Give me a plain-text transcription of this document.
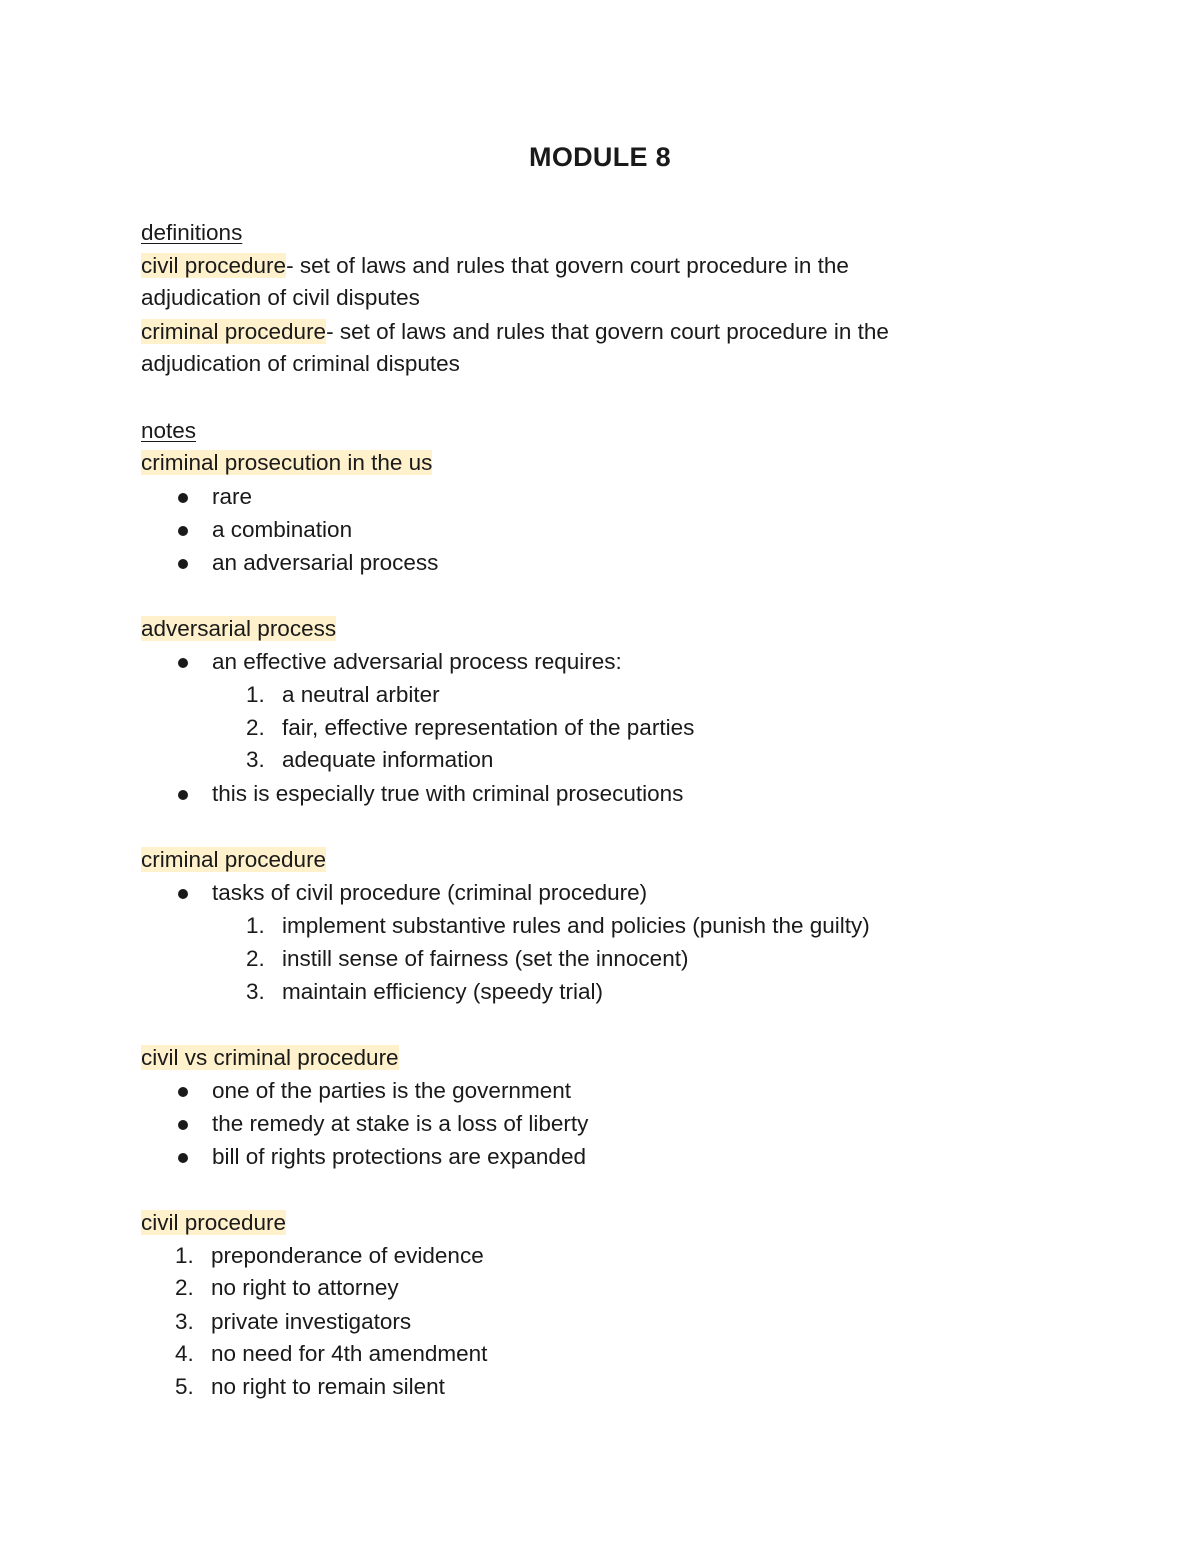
MODULE 8
definitions
civil procedure- set of laws and rules that govern court procedure in the
adjudication of civil disputes
criminal procedure- set of laws and rules that govern court procedure in the
adjudication of criminal disputes
notes
criminal prosecution in the us
rare
a combination
an adversarial process
adversarial process
an effective adversarial process requires:
1. a neutral arbiter
2. fair, effective representation of the parties
3. adequate information
this is especially true with criminal prosecutions
criminal procedure
tasks of civil procedure (criminal procedure)
1. implement substantive rules and policies (punish the guilty)
2. instill sense of fairness (set the innocent)
3. maintain efficiency (speedy trial)
civil vs criminal procedure
one of the parties is the government
the remedy at stake is a loss of liberty
bill of rights protections are expanded
civil procedure
1. preponderance of evidence
2. no right to attorney
3. private investigators
4. no need for 4th amendment
5. no right to remain silent
